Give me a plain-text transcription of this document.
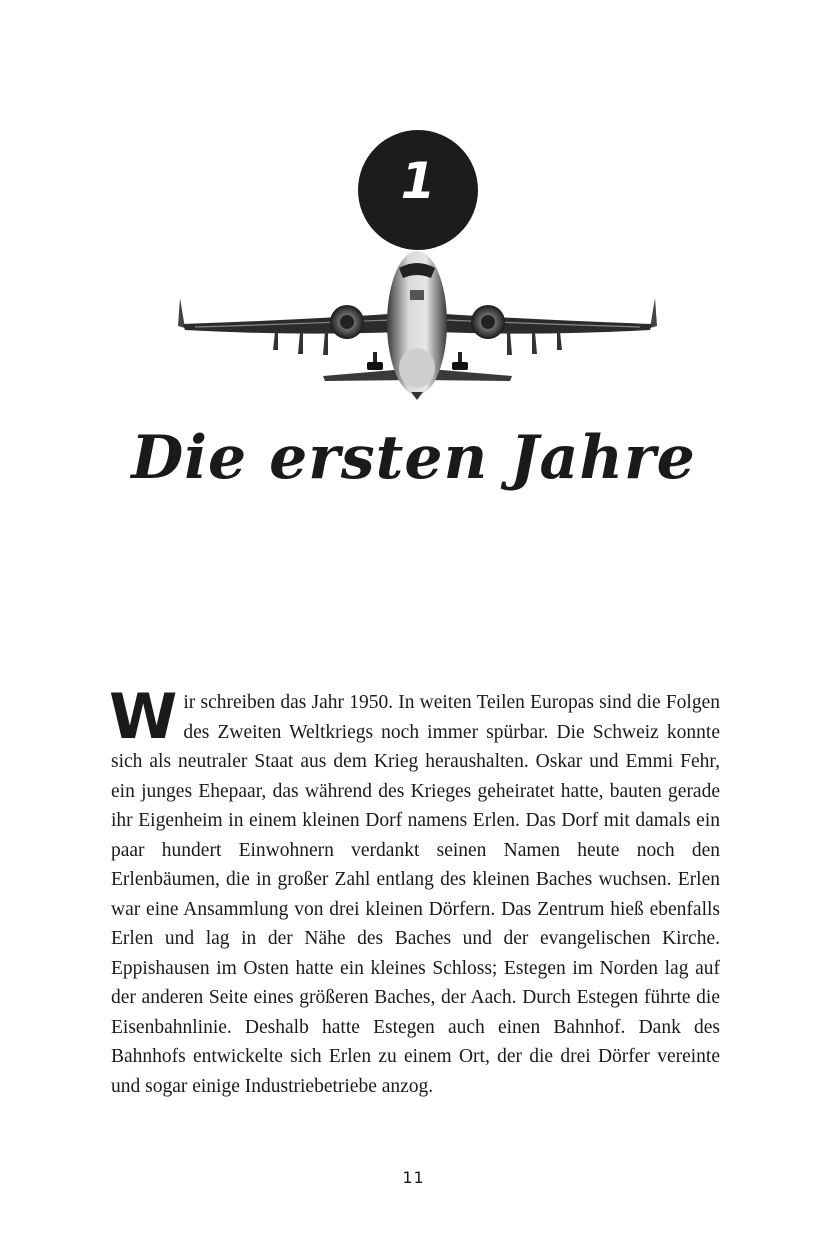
1
Die ersten Jahre
W ir schreiben das Jahr 1950. In weiten Teilen Europas sind die Folgen des Zweiten Weltkriegs noch immer spürbar. Die Schweiz konnte sich als neutraler Staat aus dem Krieg heraushalten. Oskar und Emmi Fehr, ein junges Ehepaar, das während des Krieges geheiratet hatte, bauten gerade ihr Eigenheim in einem kleinen Dorf namens Erlen. Das Dorf mit damals ein paar hundert Einwohnern verdankt seinen Namen heute noch den Erlenbäumen, die in großer Zahl entlang des kleinen Baches wuchsen. Erlen war eine Ansammlung von drei kleinen Dörfern. Das Zentrum hieß ebenfalls Erlen und lag in der Nähe des Baches und der evangelischen Kirche. Eppishausen im Osten hatte ein kleines Schloss; Estegen im Norden lag auf der anderen Seite eines größeren Baches, der Aach. Durch Estegen führte die Eisenbahnlinie. Deshalb hatte Estegen auch einen Bahnhof. Dank des Bahnhofs entwickelte sich Erlen zu einem Ort, der die drei Dörfer vereinte und sogar einige Industriebetriebe anzog.

11
